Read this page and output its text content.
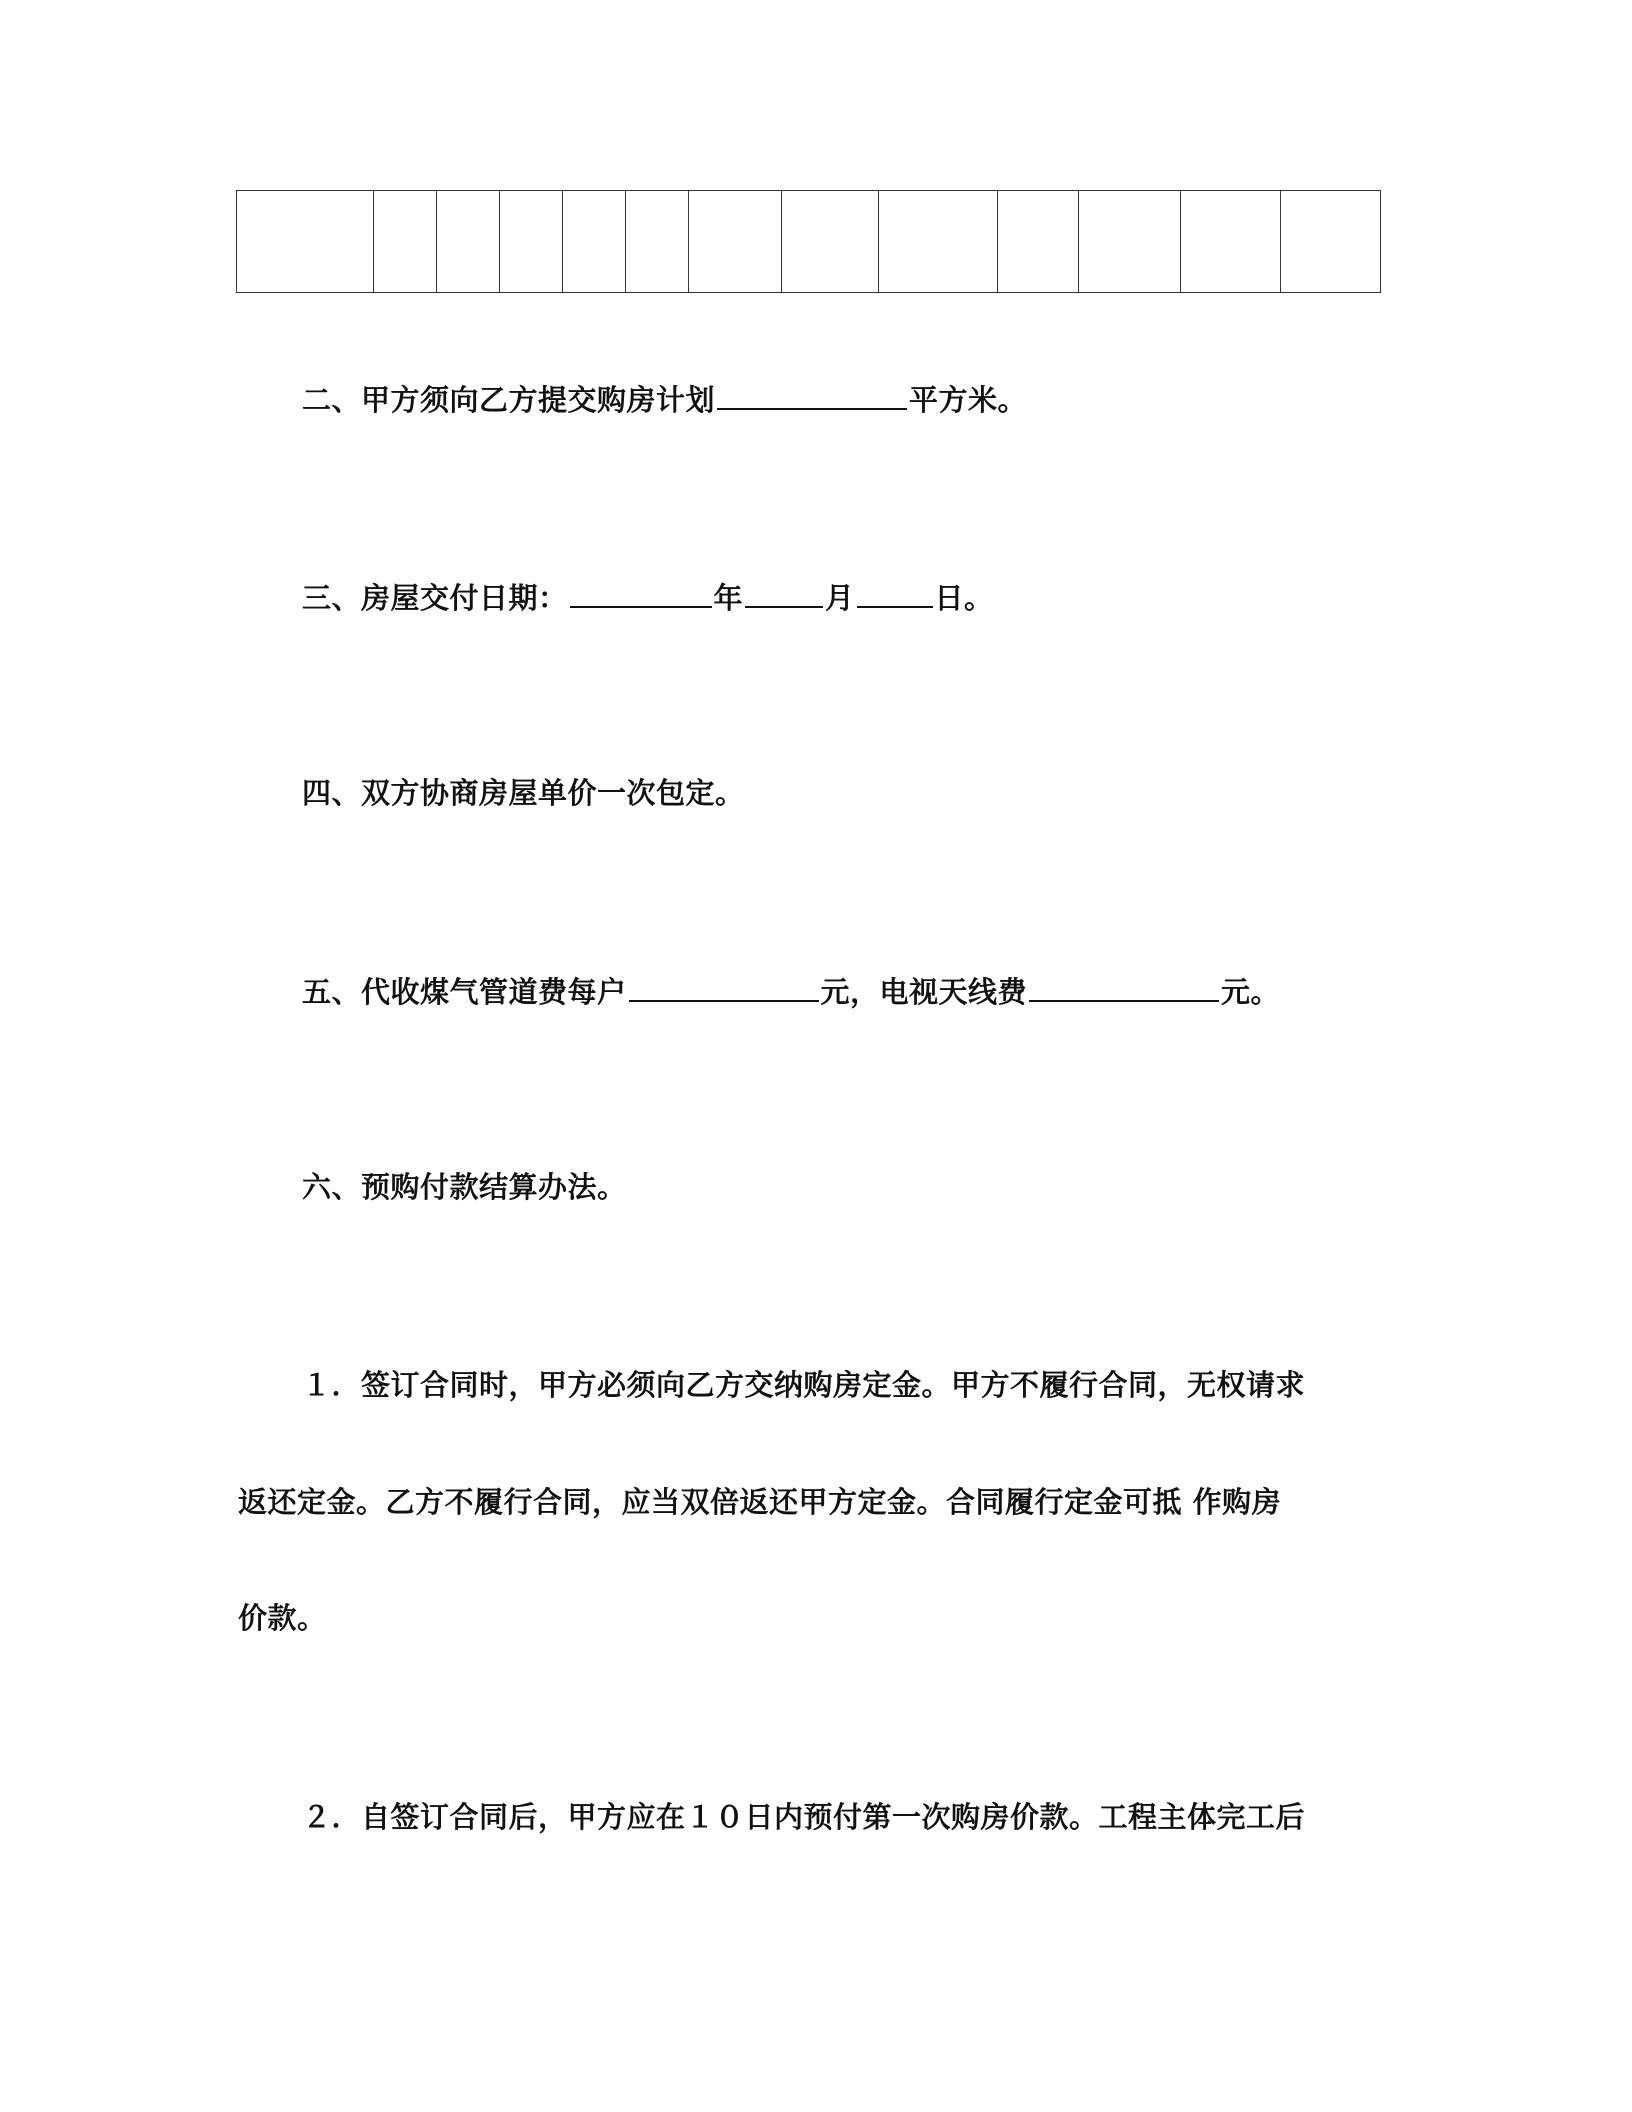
二、甲方须向乙方提交购房计划	平方米。
三、房屋交付日期：	年	月	日。
四、双方协商房屋单价一次包定。
五、代收煤气管道费每户	元，电视天线费	元。
六、预购付款结算办法。
１．签订合同时，甲方必须向乙方交纳购房定金。甲方不履行合同，无权请求
返还定金。乙方不履行合同，应当双倍返还甲方定金。合同履行定金可抵 作购房
价款。
２．自签订合同后，甲方应在１０日内预付第一次购房价款。工程主体完工后
